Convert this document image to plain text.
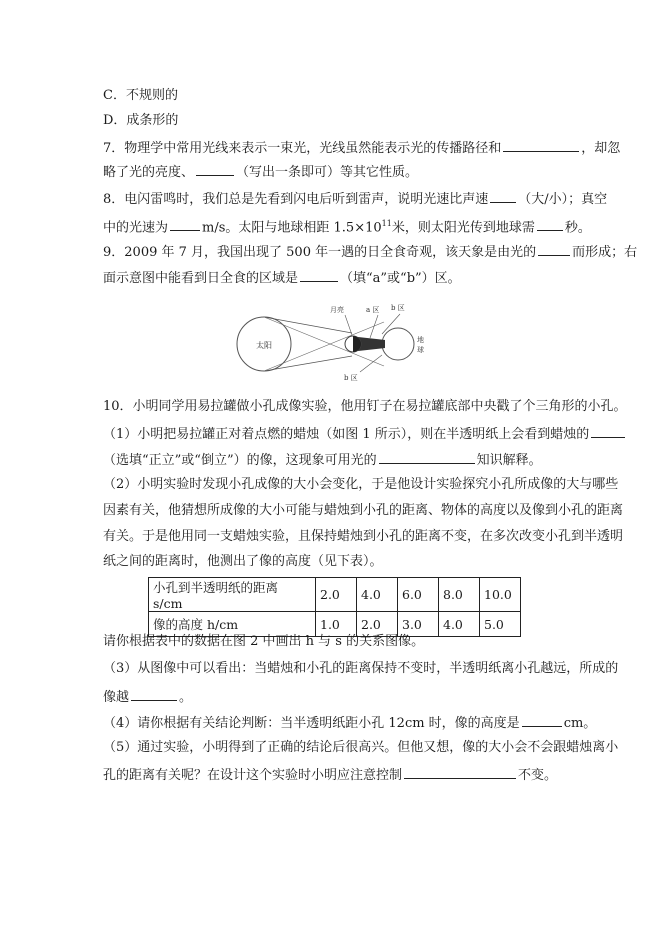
C．不规则的
D．成条形的
7．物理学中常用光线来表示一束光，光线虽然能表示光的传播路径和	，却忽
略了光的亮度、	（写出一条即可）等其它性质。
8．电闪雷鸣时，我们总是先看到闪电后听到雷声，说明光速比声速 （大/小）；真空
中的光速为	m/s。太阳与地球相距 $1.5\times 10^{11}$米，则太阳光传到地球需 秒。
9．2009 年 7 月，我国出现了 500 年一遇的日全食奇观，该天象是由光的	而形成；右
面示意图中能看到日全食的区域是	（填“a”或“b”）区。
太阳
月亮	a 区 b 区
b 区
地
球
10．小明同学用易拉罐做小孔成像实验，他用钉子在易拉罐底部中央戳了个三角形的小孔。
（1）小明把易拉罐正对着点燃的蜡烛（如图 1 所示），则在半透明纸上会看到蜡烛的
（选填“正立”或“倒立”）的像，这现象可用光的	知识解释。
（2）小明实验时发现小孔成像的大小会变化，于是他设计实验探究小孔所成像的大与哪些
因素有关，他猜想所成像的大小可能与蜡烛到小孔的距离、物体的高度以及像到小孔的距离
有关。于是他用同一支蜡烛实验，且保持蜡烛到小孔的距离不变，在多次改变小孔到半透明
纸之间的距离时，他测出了像的高度（见下表）。
小孔到半透明纸的距离 s/cm	2.0	4.0	6.0	8.0	10.0
像的高度 h/cm	1.0	2.0	3.0	4.0	5.0
请你根据表中的数据在图 2 中画出 h 与 s 的关系图像。
（3）从图像中可以看出：当蜡烛和小孔的距离保持不变时，半透明纸离小孔越远，所成的
像越	。
（4）请你根据有关结论判断：当半透明纸距小孔 12cm 时，像的高度是	cm。
（5）通过实验，小明得到了正确的结论后很高兴。但他又想，像的大小会不会跟蜡烛离小
孔的距离有关呢？在设计这个实验时小明应注意控制	不变。
